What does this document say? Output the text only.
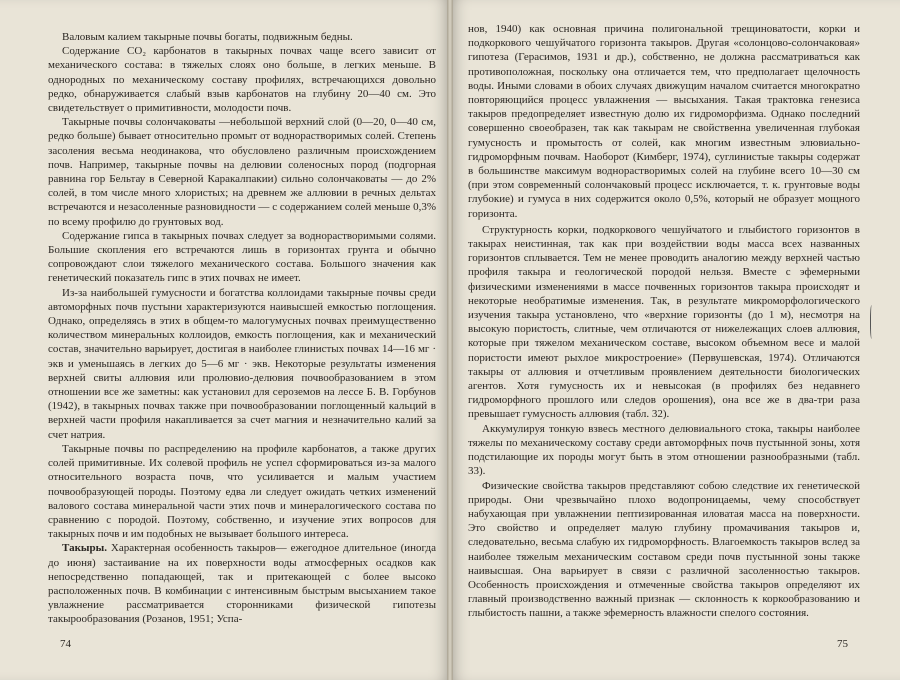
Валовым калием такырные почвы богаты, подвижным бедны.

Содержание CO₂ карбонатов в такырных почвах чаще всего зависит от механического состава: в тяжелых слоях оно больше, в легких меньше. В однородных по механическому составу профилях, встречающихся довольно редко, обнаруживается слабый взыв карбонатов на глубину 20—40 см. Это свидетельствует о примитивности, молодости почв.

Такырные почвы солончаковаты —небольшой верхний слой (0—20, 0—40 см, редко больше) бывает относительно промыт от воднорастворимых солей. Степень засоления весьма неодинакова, что обусловлено различным происхождением почв. Например, такырные почвы на делювии соленосных пород (подгорная равнина гор Бельтау в Северной Каракалпакии) сильно солончаковаты — до 2% солей, в том числе много хлористых; на древнем же аллювии в речных дельтах встречаются и незасоленные разновидности — с содержанием солей меньше 0,3% по всему профилю до грунтовых вод.

Содержание гипса в такырных почвах следует за воднорастворимыми солями. Большие скопления его встречаются лишь в горизонтах грунта и обычно сопровождают слои тяжелого механического состава. Большого значения как генетический показатель гипс в этих почвах не имеет.

Из-за наибольшей гумусности и богатства коллоидами такырные почвы среди автоморфных почв пустыни характеризуются наивысшей емкостью поглощения. Однако, определяясь в этих в общем-то малогумусных почвах преимущественно количеством минеральных коллоидов, емкость поглощения, как и механический состав, значительно варьирует, достигая в наиболее глинистых почвах 14—16 мг · экв и уменьшаясь в легких до 5—6 мг · экв. Некоторые результаты изменения верхней свиты аллювия или пролювио-делювия почвообразованием в этом отношении все же заметны: как установил для сероземов на лессе Б. В. Горбунов (1942), в такырных почвах также при почвообразовании поглощенный кальций в верхней части профиля накапливается за счет магния и незначительно калий за счет натрия.

Такырные почвы по распределению на профиле карбонатов, а также других солей примитивные. Их солевой профиль не успел сформироваться из-за малого относительного возраста почв, что усиливается и малым участием почвообразующей породы. Поэтому едва ли следует ожидать четких изменений валового состава минеральной части этих почв и минералогического состава по сравнению с породой. Поэтому, собственно, и изучение этих вопросов для такырных почв и им подобных не вызывает большого интереса.

Такыры. Характерная особенность такыров— ежегодное длительное (иногда до июня) застаивание на их поверхности воды атмосферных осадков как непосредственно попадающей, так и притекающей с более высоко расположенных почв. В комбинации с интенсивным быстрым высыханием такое увлажнение рассматривается сторонниками физической гипотезы такырообразования (Розанов, 1951; Успа-

74

нов, 1940) как основная причина полигональной трещиноватости, корки и подкоркового чешуйчатого горизонта такыров. Другая «солонцово-солончаковая» гипотеза (Герасимов, 1931 и др.), собственно, не должна рассматриваться как противоположная, поскольку она отличается тем, что предполагает щелочность воды. Иными словами в обоих случаях движущим началом считается многократно повторяющийся процесс увлажнения — высыхания. Такая трактовка генезиса такыров предопределяет известную долю их гидроморфизма. Однако последний совершенно своеобразен, так как такырам не свойственна увеличенная глубокая гумусность и промытость от солей, как многим известным элювиально-гидроморфным почвам. Наоборот (Кимберг, 1974), суглинистые такыры содержат в большинстве максимум воднорастворимых солей на глубине всего 10—30 см (при этом современный солончаковый процесс исключается, т. к. грунтовые воды глубокие) и гумуса в них содержится около 0,5%, который не образует мощного горизонта.

Структурность корки, подкоркового чешуйчатого и глыбистого горизонтов в такырах неистинная, так как при воздействии воды масса всех названных горизонтов сплывается. Тем не менее проводить аналогию между верхней частью профиля такыра и геологической породой нельзя. Вместе с эфемерными физическими изменениями в массе почвенных горизонтов такыра происходят и некоторые необратимые изменения. Так, в результате микроморфологического изучения такыра установлено, что «верхние горизонты (до 1 м), несмотря на высокую пористость, слитные, чем отличаются от нижележащих слоев аллювия, которые при тяжелом механическом составе, высоком объемном весе и малой пористости имеют рыхлое микростроение» (Первушевская, 1974). Отличаются такыры от аллювия и отчетливым проявлением деятельности биологических агентов. Хотя гумусность их и невысокая (в профилях без недавнего гидроморфного прошлого или следов орошения), она все же в два-три раза превышает гумусность аллювия (табл. 32).

Аккумулируя тонкую взвесь местного делювиального стока, такыры наиболее тяжелы по механическому составу среди автоморфных почв пустынной зоны, хотя подстилающие их породы могут быть в этом отношении разнообразными (табл. 33).

Физические свойства такыров представляют собою следствие их генетической природы. Они чрезвычайно плохо водопроницаемы, чему способствует набухающая при увлажнении пептизированная иловатая масса на поверхности. Это свойство и определяет малую глубину промачивания такыров и, следовательно, весьма слабую их гидроморфность. Влагоемкость такыров вслед за наиболее тяжелым механическим составом среди почв пустынной зоны также наивысшая. Она варьирует в связи с различной засоленностью такыров. Особенность происхождения и отмеченные свойства такыров определяют их главный производственно важный признак — склонность к коркообразованию и глыбистость пашни, а также эфемерность влажности спелого состояния.

75
